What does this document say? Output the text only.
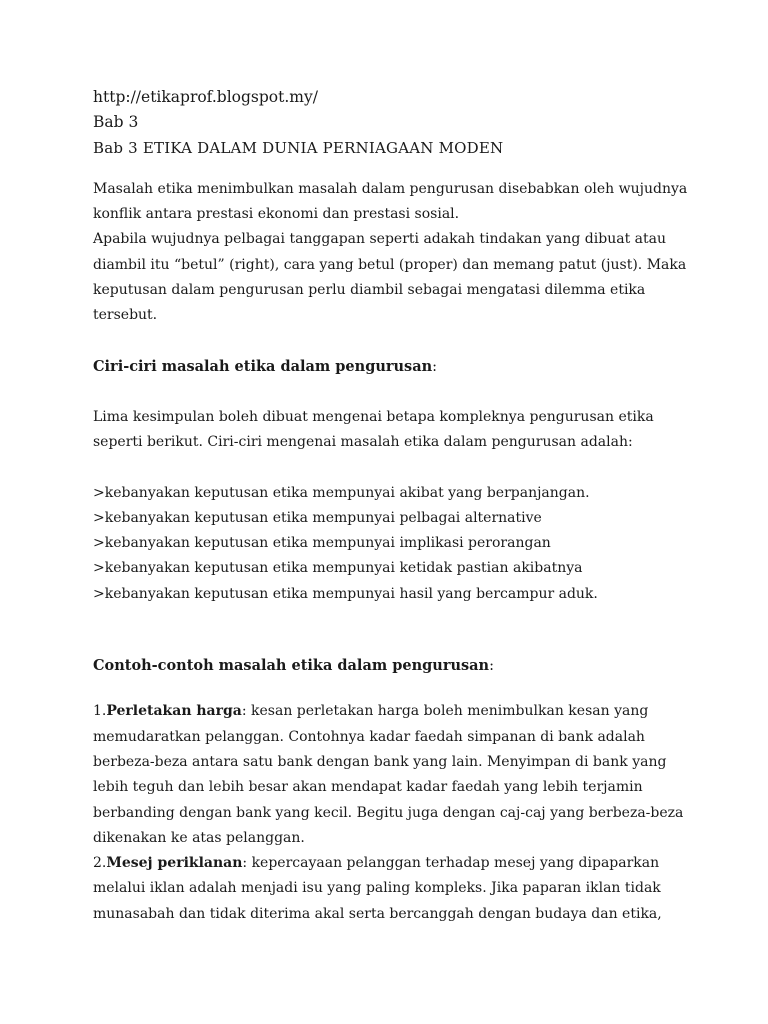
http://etikaprof.blogspot.my/
Bab 3
Bab 3 ETIKA DALAM DUNIA PERNIAGAAN MODEN
Masalah etika menimbulkan masalah dalam pengurusan disebabkan oleh wujudnya
konflik antara prestasi ekonomi dan prestasi sosial.
Apabila wujudnya pelbagai tanggapan seperti adakah tindakan yang dibuat atau
diambil itu “betul” (right), cara yang betul (proper) dan memang patut (just). Maka
keputusan dalam pengurusan perlu diambil sebagai mengatasi dilemma etika
tersebut.
Ciri-ciri masalah etika dalam pengurusan:
Lima kesimpulan boleh dibuat mengenai betapa kompleknya pengurusan etika
seperti berikut. Ciri-ciri mengenai masalah etika dalam pengurusan adalah:
>kebanyakan keputusan etika mempunyai akibat yang berpanjangan.
>kebanyakan keputusan etika mempunyai pelbagai alternative
>kebanyakan keputusan etika mempunyai implikasi perorangan
>kebanyakan keputusan etika mempunyai ketidak pastian akibatnya
>kebanyakan keputusan etika mempunyai hasil yang bercampur aduk.
Contoh-contoh masalah etika dalam pengurusan:
1.Perletakan harga: kesan perletakan harga boleh menimbulkan kesan yang
memudaratkan pelanggan. Contohnya kadar faedah simpanan di bank adalah
berbeza-beza antara satu bank dengan bank yang lain. Menyimpan di bank yang
lebih teguh dan lebih besar akan mendapat kadar faedah yang lebih terjamin
berbanding dengan bank yang kecil. Begitu juga dengan caj-caj yang berbeza-beza
dikenakan ke atas pelanggan.
2.Mesej periklanan: kepercayaan pelanggan terhadap mesej yang dipaparkan
melalui iklan adalah menjadi isu yang paling kompleks. Jika paparan iklan tidak
munasabah dan tidak diterima akal serta bercanggah dengan budaya dan etika,
